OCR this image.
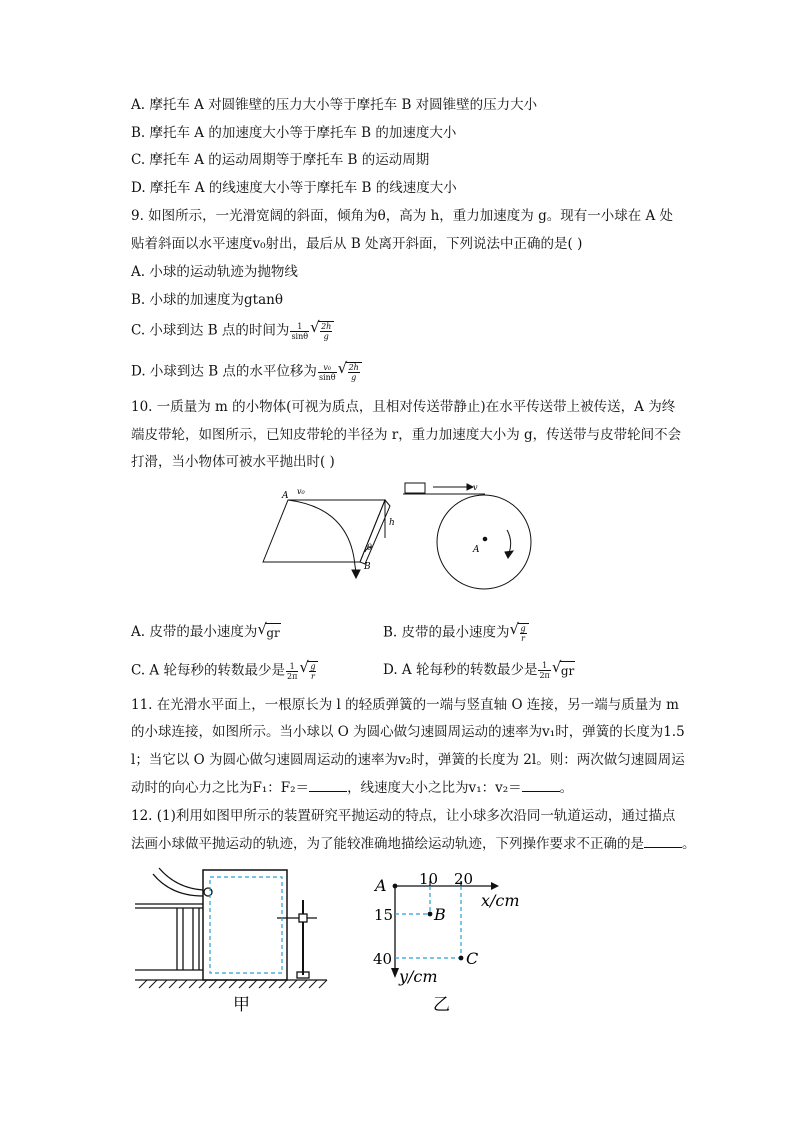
A. 摩托车 A 对圆锥壁的压力大小等于摩托车 B 对圆锥壁的压力大小
B. 摩托车 A 的加速度大小等于摩托车 B 的加速度大小
C. 摩托车 A 的运动周期等于摩托车 B 的运动周期
D. 摩托车 A 的线速度大小等于摩托车 B 的线速度大小
9. 如图所示，一光滑宽阔的斜面，倾角为θ，高为 h，重力加速度为 g。现有一小球在 A 处
贴着斜面以水平速度v₀射出，最后从 B 处离开斜面，下列说法中正确的是( )
A. 小球的运动轨迹为抛物线
B. 小球的加速度为gtanθ
C. 小球到达 B 点的时间为 $\frac{1}{\sin\theta}$ √ $\frac{2h}{g}$
D. 小球到达 B 点的水平位移为 $\frac{\text{v₀}}{\sin\theta}$ √ $\frac{2h}{g}$
10. 一质量为 m 的小物体(可视为质点，且相对传送带静止)在水平传送带上被传送，A 为终
端皮带轮，如图所示，已知皮带轮的半径为 r，重力加速度大小为 g，传送带与皮带轮间不会
打滑，当小物体可被水平抛出时( )
A v₀
h
θ
B
v
A
A. 皮带的最小速度为 √ gr	B. 皮带的最小速度为 √ $\frac{g}{r}$
C. A 轮每秒的转数最少是 $\frac{1}{2\pi}$ √ $\frac{g}{r}$	D. A 轮每秒的转数最少是 $\frac{1}{2\pi}$ √ gr
11. 在光滑水平面上，一根原长为 l 的轻质弹簧的一端与竖直轴 O 连接，另一端与质量为 m
的小球连接，如图所示。当小球以 O 为圆心做匀速圆周运动的速率为v₁时，弹簧的长度为1.5
l；当它以 O 为圆心做匀速圆周运动的速率为v₂时，弹簧的长度为 2l。则：两次做匀速圆周运
动时的向心力之比为F₁：F₂＝	，线速度大小之比为v₁：v₂＝	。
12. (1)利用如图甲所示的装置研究平抛运动的特点，让小球多次沿同一轨道运动，通过描点
法画小球做平抛运动的轨迹，为了能较准确地描绘运动轨迹，下列操作要求不正确的是	。
甲
A 10 20
x/cm
15	B
40	C
y/cm
乙
